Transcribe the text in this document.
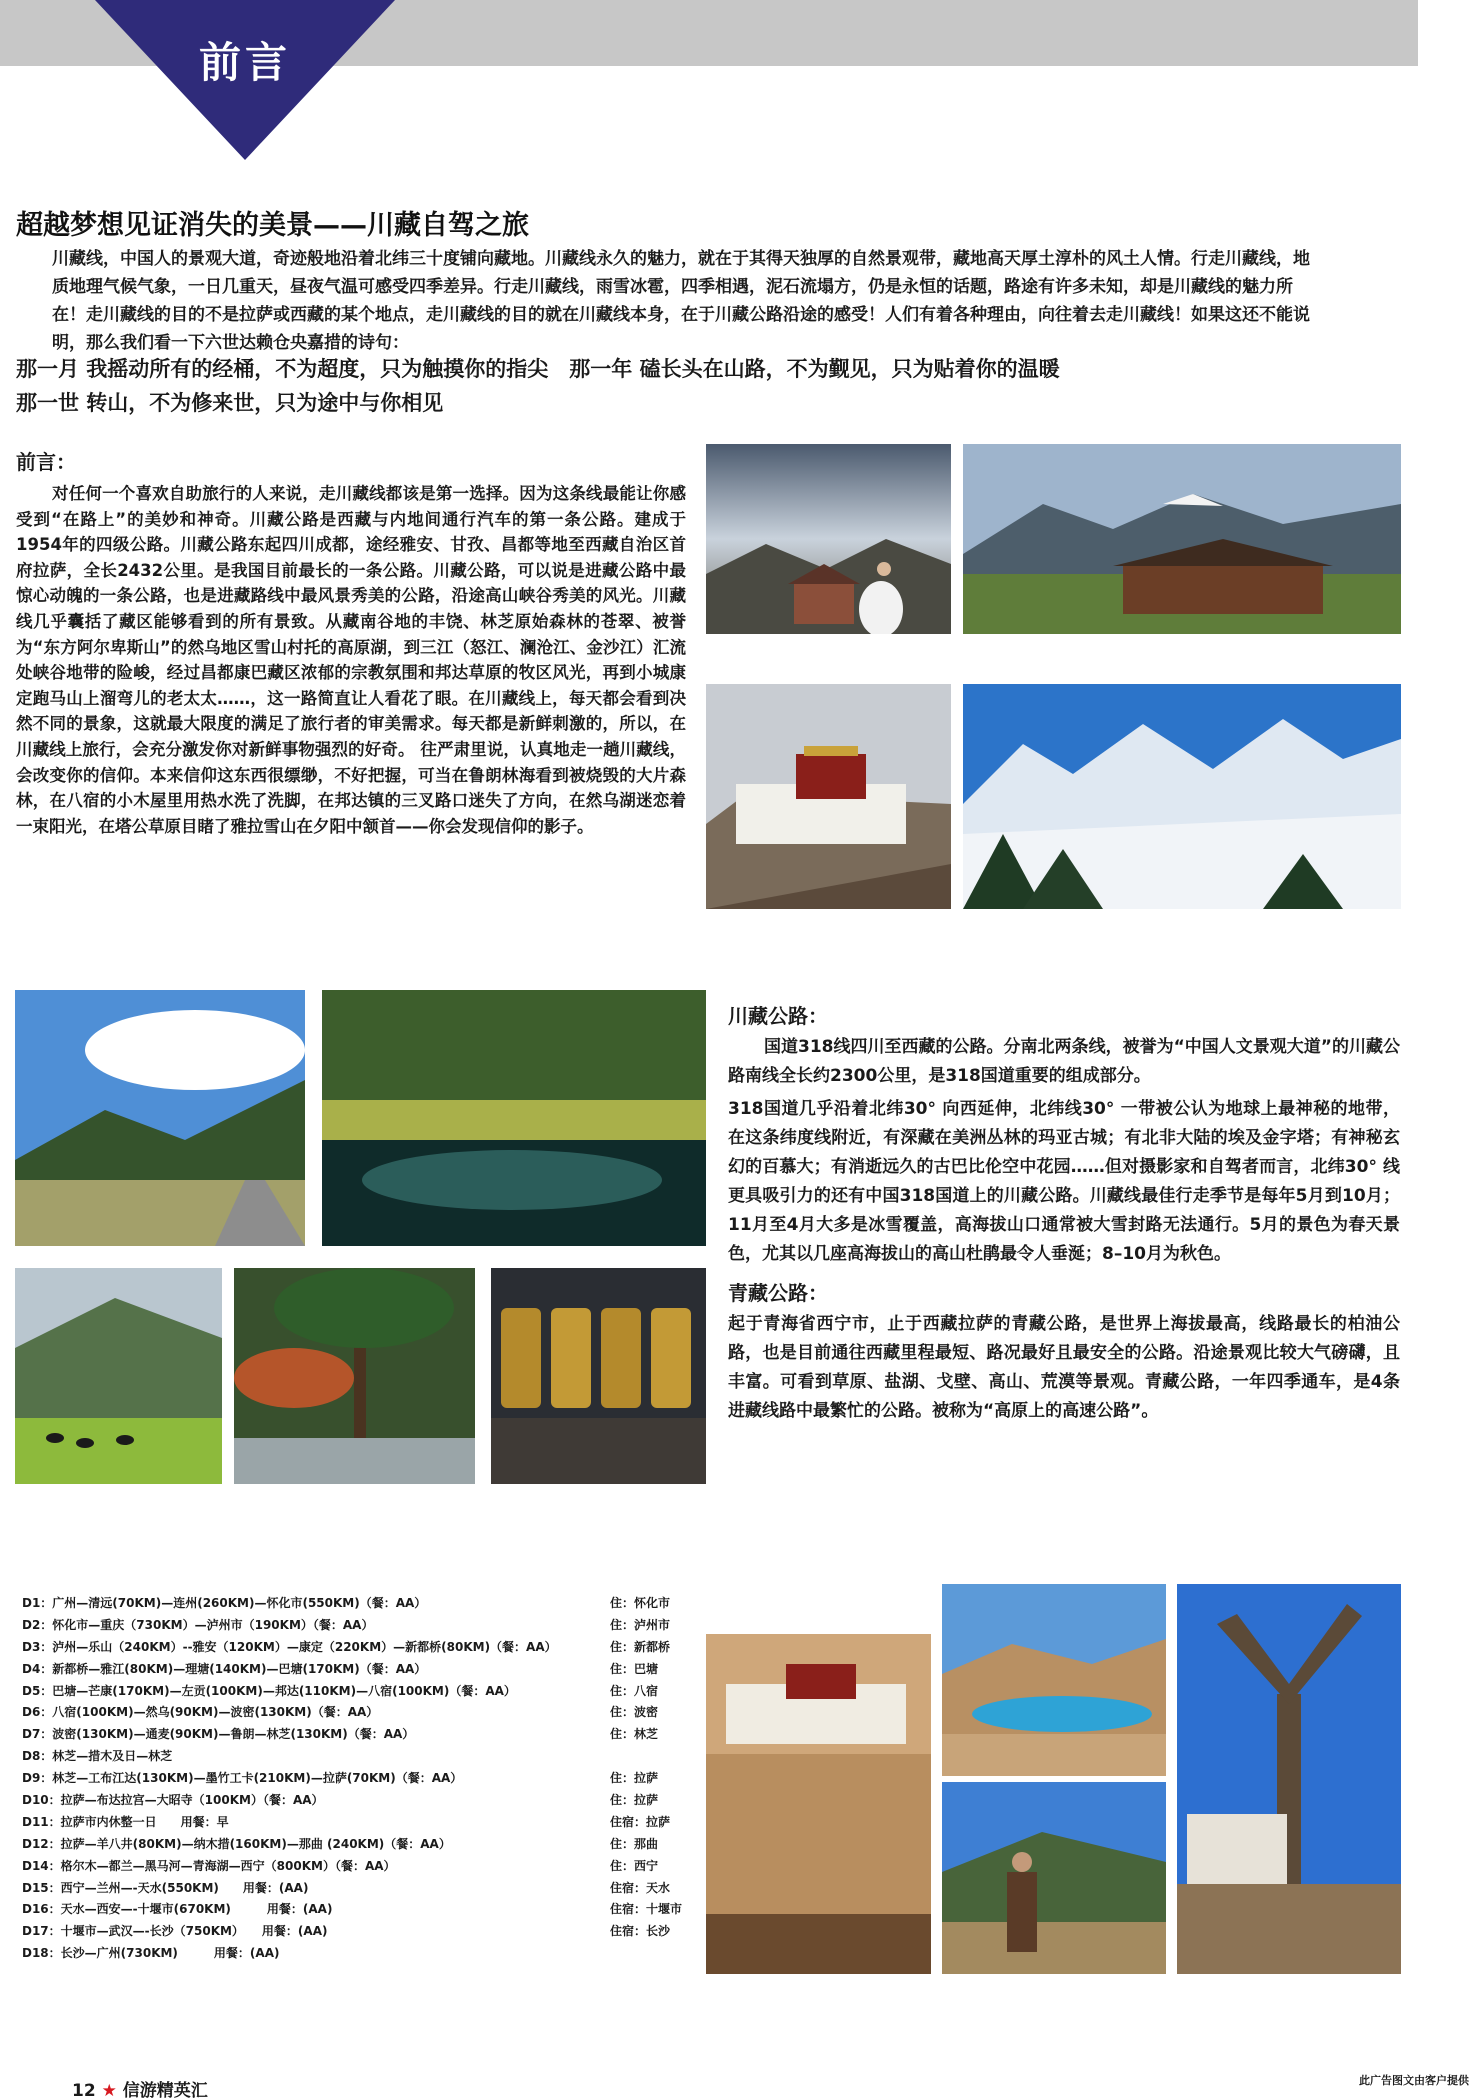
前言
超越梦想见证消失的美景——川藏自驾之旅

川藏线，中国人的景观大道，奇迹般地沿着北纬三十度铺向藏地。川藏线永久的魅力，就在于其得天独厚的自然景观带，藏地高天厚土淳朴的风土人情。行走川藏线，地质地理气候气象，一日几重天，昼夜气温可感受四季差异。行走川藏线，雨雪冰雹，四季相遇，泥石流塌方，仍是永恒的话题，路途有许多未知，却是川藏线的魅力所在！走川藏线的目的不是拉萨或西藏的某个地点，走川藏线的目的就在川藏线本身，在于川藏公路沿途的感受！人们有着各种理由，向往着去走川藏线！如果这还不能说明，那么我们看一下六世达赖仓央嘉措的诗句：

那一月 我摇动所有的经桶，不为超度，只为触摸你的指尖　那一年 磕长头在山路，不为觐见，只为贴着你的温暖

那一世 转山，不为修来世，只为途中与你相见

前言：

对任何一个喜欢自助旅行的人来说，走川藏线都该是第一选择。因为这条线最能让你感受到“在路上”的美妙和神奇。川藏公路是西藏与内地间通行汽车的第一条公路。建成于1954年的四级公路。川藏公路东起四川成都，途经雅安、甘孜、昌都等地至西藏自治区首府拉萨，全长2432公里。是我国目前最长的一条公路。川藏公路，可以说是进藏公路中最惊心动魄的一条公路，也是进藏路线中最风景秀美的公路，沿途高山峡谷秀美的风光。川藏线几乎囊括了藏区能够看到的所有景致。从藏南谷地的丰饶、林芝原始森林的苍翠、被誉为“东方阿尔卑斯山”的然乌地区雪山村托的高原湖，到三江（怒江、澜沧江、金沙江）汇流处峡谷地带的险峻，经过昌都康巴藏区浓郁的宗教氛围和邦达草原的牧区风光，再到小城康定跑马山上溜弯儿的老太太……，这一路简直让人看花了眼。在川藏线上，每天都会看到决然不同的景象，这就最大限度的满足了旅行者的审美需求。每天都是新鲜刺激的，所以，在川藏线上旅行，会充分激发你对新鲜事物强烈的好奇。 往严肃里说，认真地走一趟川藏线，会改变你的信仰。本来信仰这东西很缥缈，不好把握，可当在鲁朗林海看到被烧毁的大片森林，在八宿的小木屋里用热水洗了洗脚，在邦达镇的三叉路口迷失了方向，在然乌湖迷恋着一束阳光，在塔公草原目睹了雅拉雪山在夕阳中颔首——你会发现信仰的影子。

川藏公路：

国道318线四川至西藏的公路。分南北两条线，被誉为“中国人文景观大道”的川藏公路南线全长约2300公里，是318国道重要的组成部分。

318国道几乎沿着北纬30° 向西延伸，北纬线30° 一带被公认为地球上最神秘的地带，在这条纬度线附近，有深藏在美洲丛林的玛亚古城；有北非大陆的埃及金字塔；有神秘玄幻的百慕大；有消逝远久的古巴比伦空中花园……但对摄影家和自驾者而言，北纬30° 线更具吸引力的还有中国318国道上的川藏公路。川藏线最佳行走季节是每年5月到10月； 11月至4月大多是冰雪覆盖，高海拔山口通常被大雪封路无法通行。5月的景色为春天景色，尤其以几座高海拔山的高山杜鹃最令人垂涎；8–10月为秋色。

青藏公路：

起于青海省西宁市，止于西藏拉萨的青藏公路，是世界上海拔最高，线路最长的柏油公路，也是目前通往西藏里程最短、路况最好且最安全的公路。沿途景观比较大气磅礴，且丰富。可看到草原、盐湖、戈壁、高山、荒漠等景观。青藏公路，一年四季通车，是4条进藏线路中最繁忙的公路。被称为“高原上的高速公路”。

D1：广州—清远(70KM)—连州(260KM)—怀化市(550KM)（餐：AA）	住：怀化市
D2：怀化市—重庆（730KM）—泸州市（190KM）（餐：AA）	住：泸州市
D3：泸州—乐山（240KM）--雅安（120KM）—康定（220KM）—新都桥(80KM)（餐：AA）	住：新都桥
D4：新都桥—雅江(80KM)—理塘(140KM)—巴塘(170KM)（餐：AA）	住：巴塘
D5：巴塘—芒康(170KM)—左贡(100KM)—邦达(110KM)—八宿(100KM)（餐：AA）	住：八宿
D6：八宿(100KM)—然乌(90KM)—波密(130KM)（餐：AA）	住：波密
D7：波密(130KM)—通麦(90KM)—鲁朗—林芝(130KM)（餐：AA）	住：林芝
D8：林芝—措木及日—林芝
D9：林芝—工布江达(130KM)—墨竹工卡(210KM)—拉萨(70KM)（餐：AA）	住：拉萨
D10：拉萨—布达拉宫—大昭寺（100KM）（餐：AA）	住：拉萨
D11：拉萨市内休整一日　　用餐：早	住宿：拉萨
D12：拉萨—羊八井(80KM)—纳木措(160KM)—那曲 (240KM)（餐：AA）	住：那曲
D14：格尔木—都兰—黑马河—青海湖—西宁（800KM）（餐：AA）	住：西宁
D15：西宁—兰州—-天水(550KM)　　用餐：(AA)	住宿：天水
D16：天水—西安—-十堰市(670KM)　　　用餐：(AA)	住宿：十堰市
D17：十堰市—武汉—-长沙（750KM）　　用餐：(AA)	住宿：长沙
D18：长沙—广州(730KM)　　　用餐：(AA)
12 ★ 信游精英汇
此广告图文由客户提供
